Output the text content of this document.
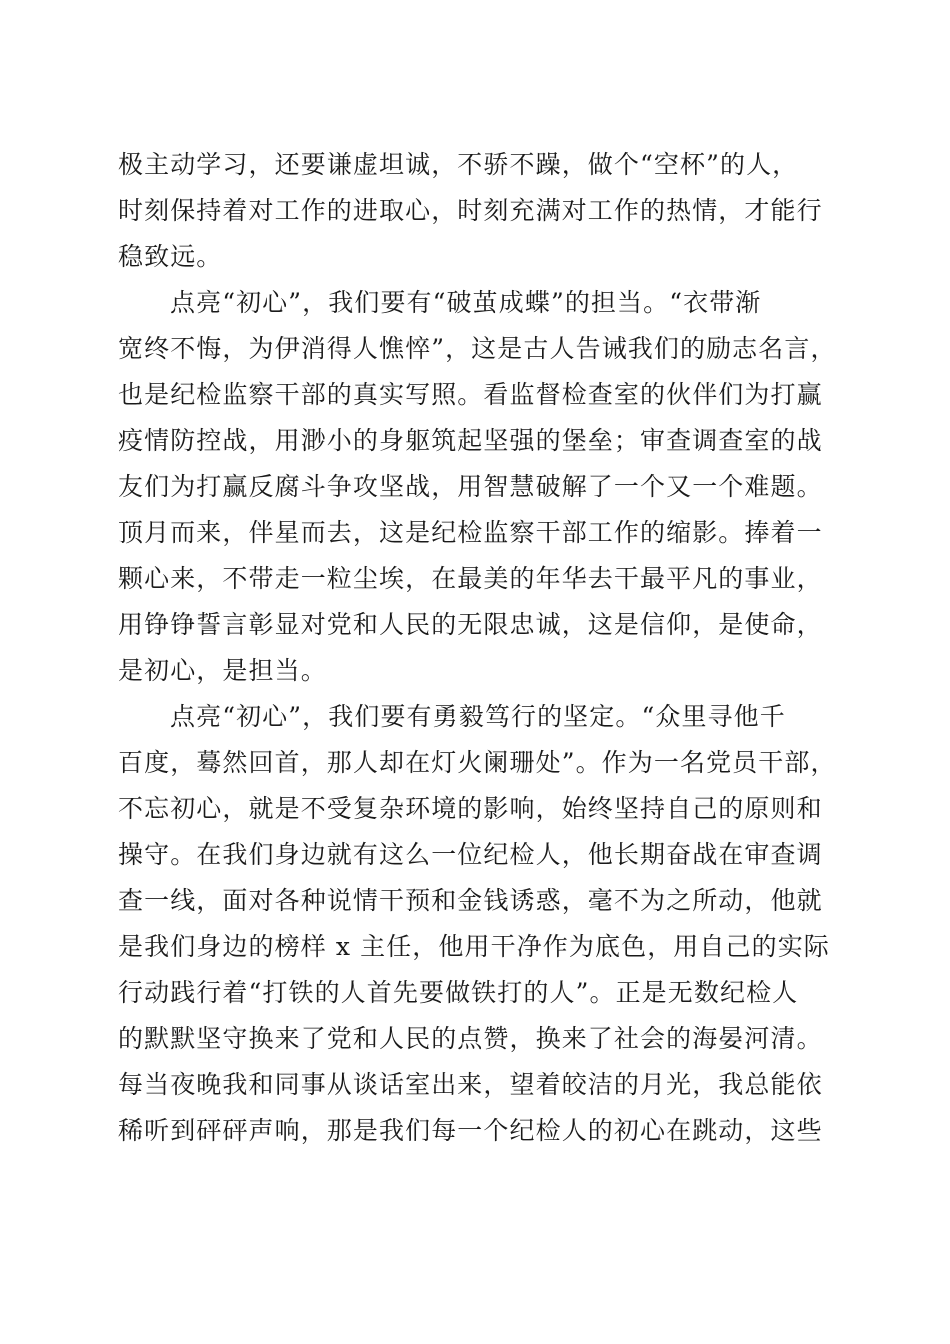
极主动学习，还要谦虚坦诚，不骄不躁，做个“空杯”的人，
时刻保持着对工作的进取心，时刻充满对工作的热情，才能行
稳致远。
点亮“初心”，我们要有“破茧成蝶”的担当。“衣带渐
宽终不悔，为伊消得人憔悴”，这是古人告诫我们的励志名言，
也是纪检监察干部的真实写照。看监督检查室的伙伴们为打赢
疫情防控战，用渺小的身躯筑起坚强的堡垒；审查调查室的战
友们为打赢反腐斗争攻坚战，用智慧破解了一个又一个难题。
顶月而来，伴星而去，这是纪检监察干部工作的缩影。捧着一
颗心来，不带走一粒尘埃，在最美的年华去干最平凡的事业，
用铮铮誓言彰显对党和人民的无限忠诚，这是信仰，是使命，
是初心，是担当。
点亮“初心”，我们要有勇毅笃行的坚定。“众里寻他千
百度，蓦然回首，那人却在灯火阑珊处”。作为一名党员干部，
不忘初心，就是不受复杂环境的影响，始终坚持自己的原则和
操守。在我们身边就有这么一位纪检人，他长期奋战在审查调
查一线，面对各种说情干预和金钱诱惑，毫不为之所动，他就
是我们身边的榜样 x 主任，他用干净作为底色，用自己的实际
行动践行着“打铁的人首先要做铁打的人”。正是无数纪检人
的默默坚守换来了党和人民的点赞，换来了社会的海晏河清。
每当夜晚我和同事从谈话室出来，望着皎洁的月光，我总能依
稀听到砰砰声响，那是我们每一个纪检人的初心在跳动，这些
